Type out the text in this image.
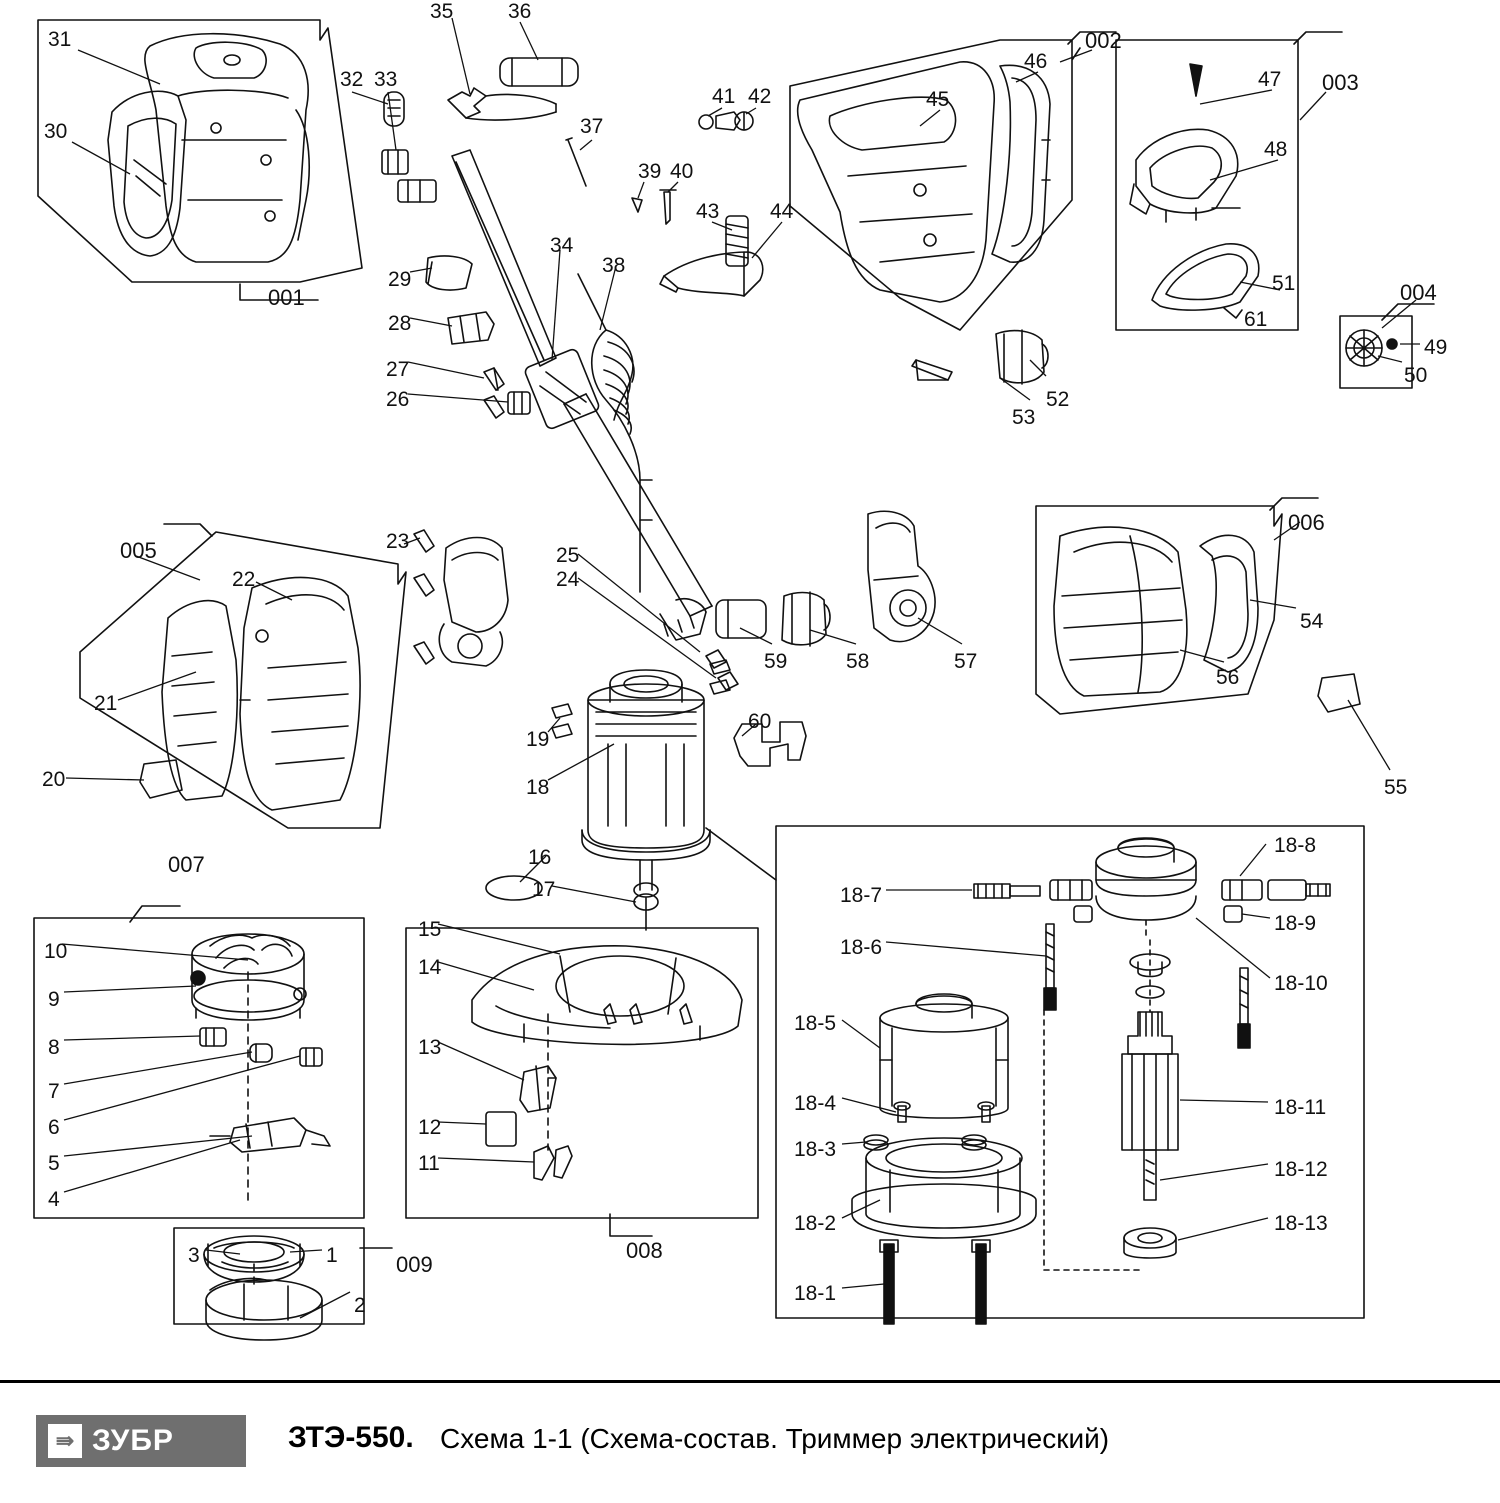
31
30
001
32 33
35	36
37
39 40
41 42
43 44
002
46
45
003
47
48
51
61
004
49
50
29
28
27
26
34
38
52
53
005
22
21
20
23
25
24
59	58	57
006
54
56
55
19
18
60
16
17
007
10
9
8
7
6
5
4
15
14
13
12
11
008
3	1	009
2
18-7
18-8
18-6
18-9
18-10
18-5
18-4	18-11
18-3
18-12
18-2	18-13
18-1
⇛ ЗУБР	ЗТЭ-550. Схема 1-1 (Схема-состав. Триммер электрический)
